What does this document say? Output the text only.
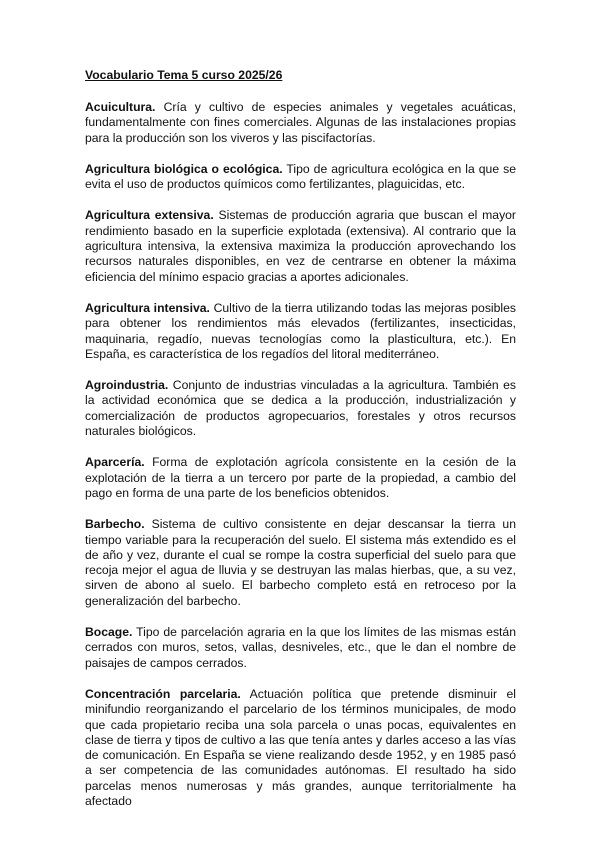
Vocabulario Tema 5 curso 2025/26

Acuicultura. Cría y cultivo de especies animales y vegetales acuáticas, fundamentalmente con fines comerciales. Algunas de las instalaciones propias para la producción son los viveros y las piscifactorías.

Agricultura biológica o ecológica. Tipo de agricultura ecológica en la que se evita el uso de productos químicos como fertilizantes, plaguicidas, etc.

Agricultura extensiva. Sistemas de producción agraria que buscan el mayor rendimiento basado en la superficie explotada (extensiva). Al contrario que la agricultura intensiva, la extensiva maximiza la producción aprovechando los recursos naturales disponibles, en vez de centrarse en obtener la máxima eficiencia del mínimo espacio gracias a aportes adicionales.

Agricultura intensiva. Cultivo de la tierra utilizando todas las mejoras posibles para obtener los rendimientos más elevados (fertilizantes, insecticidas, maquinaria, regadío, nuevas tecnologías como la plasticultura, etc.). En España, es característica de los regadíos del litoral mediterráneo.

Agroindustria. Conjunto de industrias vinculadas a la agricultura. También es la actividad económica que se dedica a la producción, industrialización y comercialización de productos agropecuarios, forestales y otros recursos naturales biológicos.

Aparcería. Forma de explotación agrícola consistente en la cesión de la explotación de la tierra a un tercero por parte de la propiedad, a cambio del pago en forma de una parte de los beneficios obtenidos.

Barbecho. Sistema de cultivo consistente en dejar descansar la tierra un tiempo variable para la recuperación del suelo. El sistema más extendido es el de año y vez, durante el cual se rompe la costra superficial del suelo para que recoja mejor el agua de lluvia y se destruyan las malas hierbas, que, a su vez, sirven de abono al suelo. El barbecho completo está en retroceso por la generalización del barbecho.

Bocage. Tipo de parcelación agraria en la que los límites de las mismas están cerrados con muros, setos, vallas, desniveles, etc., que le dan el nombre de paisajes de campos cerrados.

Concentración parcelaria. Actuación política que pretende disminuir el minifundio reorganizando el parcelario de los términos municipales, de modo que cada propietario reciba una sola parcela o unas pocas, equivalentes en clase de tierra y tipos de cultivo a las que tenía antes y darles acceso a las vías de comunicación. En España se viene realizando desde 1952, y en 1985 pasó a ser competencia de las comunidades autónomas. El resultado ha sido parcelas menos numerosas y más grandes, aunque territorialmente ha afectado
